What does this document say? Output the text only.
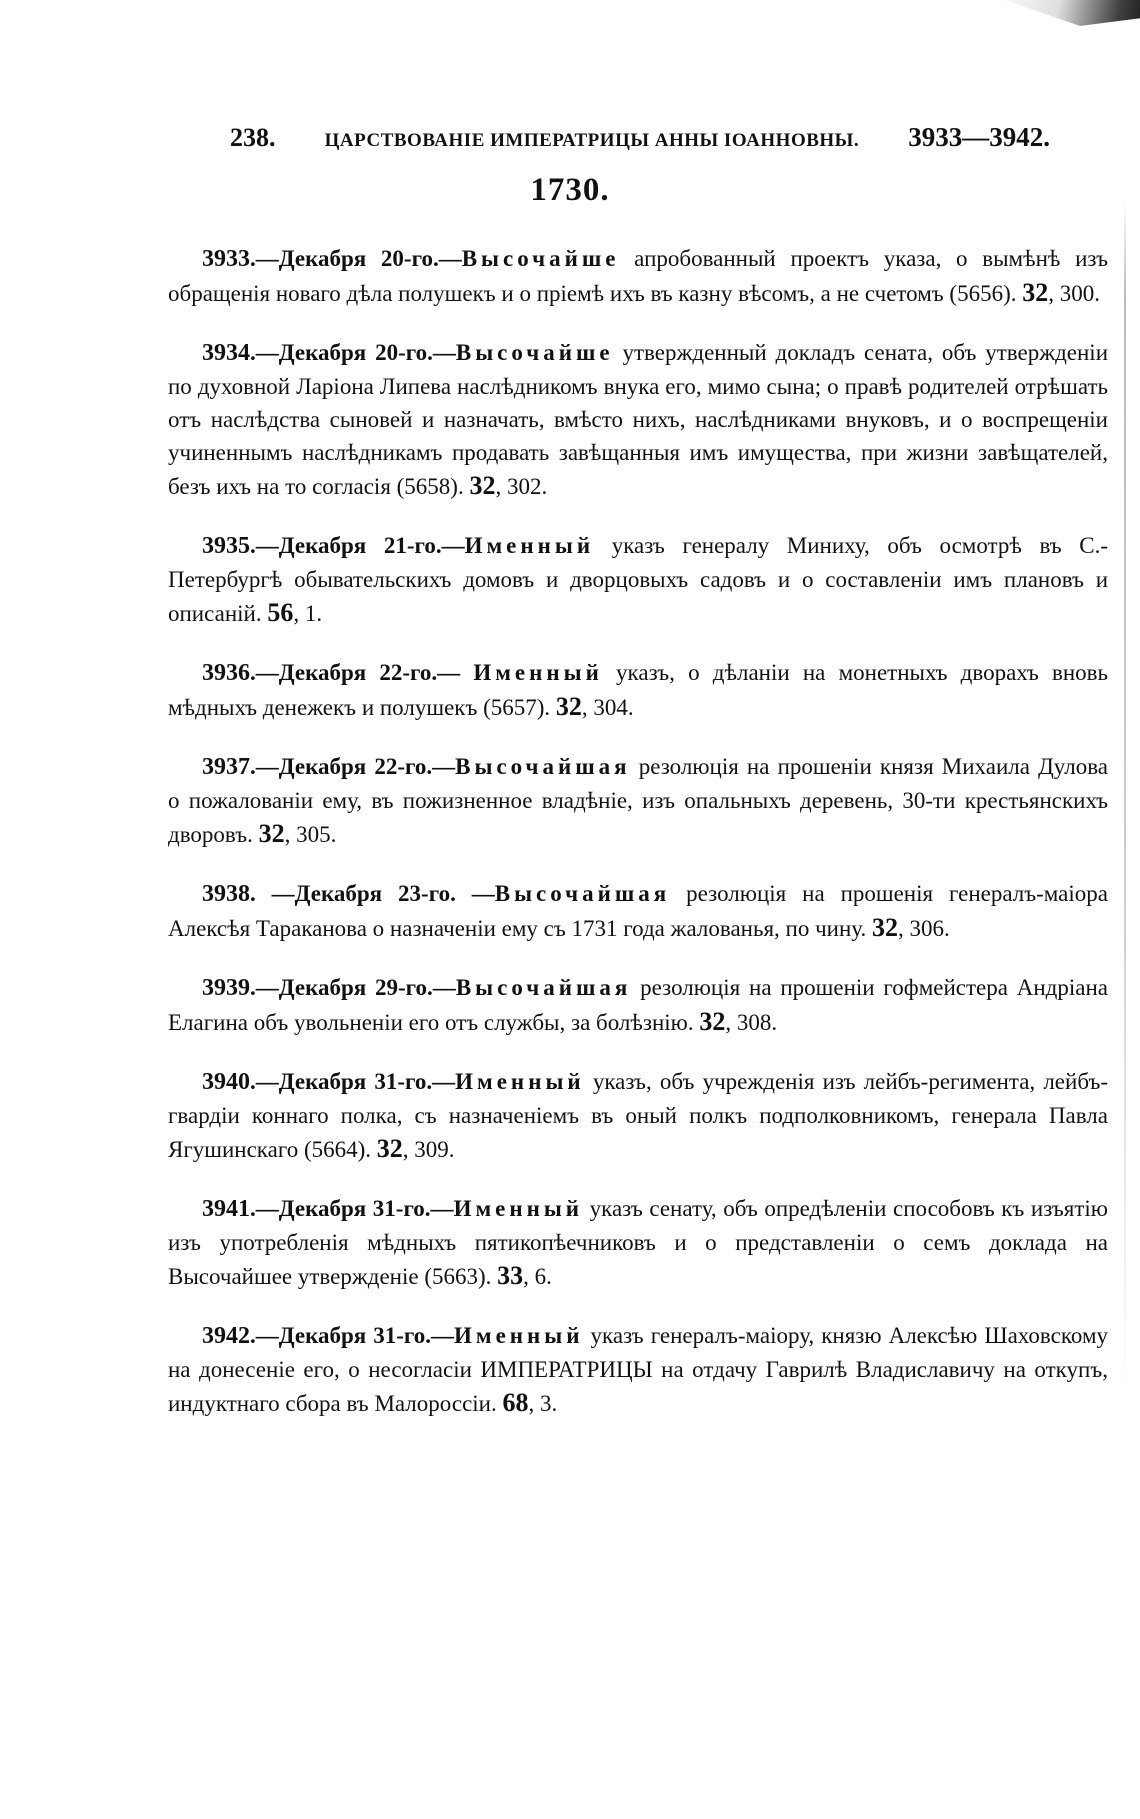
238.	ЦАРСТВОВАНІЕ ИМПЕРАТРИЦЫ АННЫ ІОАННОВНЫ. 3933—3942.
1730.

3933.—Декабря 20-го.—Высочайше апробованный проектъ указа, о вымѣнѣ изъ обращенія новаго дѣла полушекъ и о пріемѣ ихъ въ казну вѣсомъ, а не счетомъ (5656). 32, 300.

3934.—Декабря 20-го.—Высочайше утвержденный докладъ сената, объ утвержденіи по духовной Ларіона Липева наслѣдникомъ внука его, мимо сына; о правѣ родителей отрѣшать отъ наслѣдства сыновей и назначать, вмѣсто нихъ, наслѣдниками внуковъ, и о воспрещеніи учиненнымъ наслѣдникамъ продавать завѣщанныя имъ имущества, при жизни завѣщателей, безъ ихъ на то согласія (5658). 32, 302.

3935.—Декабря 21-го.—Именный указъ генералу Миниху, объ осмотрѣ въ С.-Петербургѣ обывательскихъ домовъ и дворцовыхъ садовъ и о составленіи имъ плановъ и описаній. 56, 1.

3936.—Декабря 22-го.— Именный указъ, о дѣланіи на монетныхъ дворахъ вновь мѣдныхъ денежекъ и полушекъ (5657). 32, 304.

3937.—Декабря 22-го.—Высочайшая резолюція на прошеніи князя Михаила Дулова о пожалованіи ему, въ пожизненное владѣніе, изъ опальныхъ деревень, 30-ти крестьянскихъ дворовъ. 32, 305.

3938. —Декабря 23-го. —Высочайшая резолюція на прошенія генералъ-маіора Алексѣя Тараканова о назначеніи ему съ 1731 года жалованья, по чину. 32, 306.

3939.—Декабря 29-го.—Высочайшая резолюція на прошеніи гофмейстера Андріана Елагина объ увольненіи его отъ службы, за болѣзнію. 32, 308.

3940.—Декабря 31-го.—Именный указъ, объ учрежденія изъ лейбъ-регимента, лейбъ-гвардіи коннаго полка, съ назначеніемъ въ оный полкъ подполковникомъ, генерала Павла Ягушинскаго (5664). 32, 309.

3941.—Декабря 31-го.—Именный указъ сенату, объ опредѣленіи способовъ къ изъятію изъ употребленія мѣдныхъ пятикопѣечниковъ и о представленіи о семъ доклада на Высочайшее утвержденіе (5663). 33, 6.

3942.—Декабря 31-го.—Именный указъ генералъ-маіору, князю Алексѣю Шаховскому на донесеніе его, о несогласіи ИМПЕРАТРИЦЫ на отдачу Гаврилѣ Владиславичу на откупъ, индуктнаго сбора въ Малороссіи. 68, 3.
